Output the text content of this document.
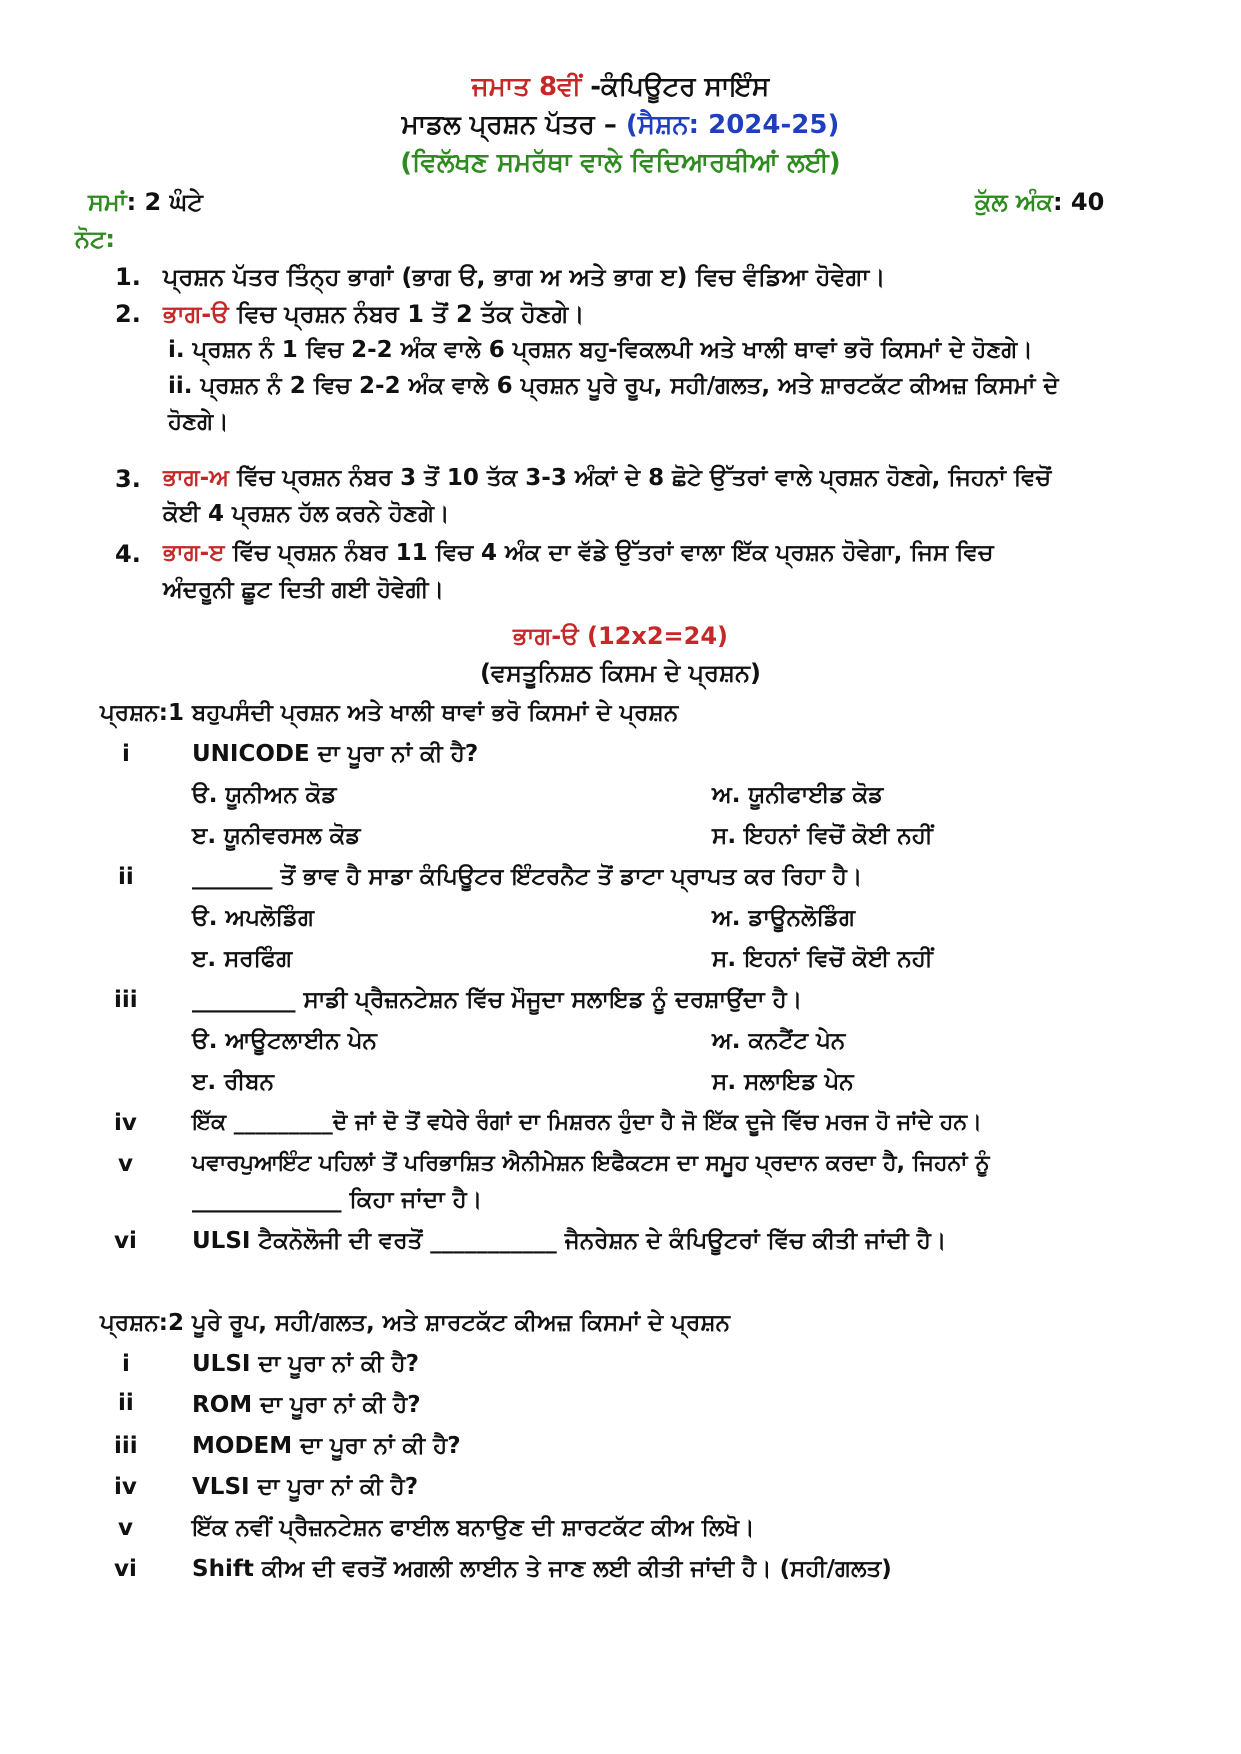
ਜਮਾਤ 8ਵੀਂ -ਕੰਪਿਊਟਰ ਸਾਇੰਸ
ਮਾਡਲ ਪ੍ਰਸ਼ਨ ਪੱਤਰ – (ਸੈਸ਼ਨ: 2024-25)
(ਵਿਲੱਖਣ ਸਮਰੱਥਾ ਵਾਲੇ ਵਿਦਿਆਰਥੀਆਂ ਲਈ)
ਸਮਾਂ: 2 ਘੰਟੇ	ਕੁੱਲ ਅੰਕ: 40
ਨੋਟ:
1. ਪ੍ਰਸ਼ਨ ਪੱਤਰ ਤਿੰਨ੍ਹ ਭਾਗਾਂ (ਭਾਗ ੳ, ਭਾਗ ਅ ਅਤੇ ਭਾਗ ੲ) ਵਿਚ ਵੰਡਿਆ ਹੋਵੇਗਾ।
2. ਭਾਗ-ੳ ਵਿਚ ਪ੍ਰਸ਼ਨ ਨੰਬਰ 1 ਤੋਂ 2 ਤੱਕ ਹੋਣਗੇ।
i. ਪ੍ਰਸ਼ਨ ਨੰ 1 ਵਿਚ 2-2 ਅੰਕ ਵਾਲੇ 6 ਪ੍ਰਸ਼ਨ ਬਹੁ-ਵਿਕਲਪੀ ਅਤੇ ਖਾਲੀ ਥਾਵਾਂ ਭਰੋ ਕਿਸਮਾਂ ਦੇ ਹੋਣਗੇ।
ii. ਪ੍ਰਸ਼ਨ ਨੰ 2 ਵਿਚ 2-2 ਅੰਕ ਵਾਲੇ 6 ਪ੍ਰਸ਼ਨ ਪੂਰੇ ਰੂਪ, ਸਹੀ/ਗਲਤ, ਅਤੇ ਸ਼ਾਰਟਕੱਟ ਕੀਅਜ਼ ਕਿਸਮਾਂ ਦੇ
ਹੋਣਗੇ।
3. ਭਾਗ-ਅ ਵਿੱਚ ਪ੍ਰਸ਼ਨ ਨੰਬਰ 3 ਤੋਂ 10 ਤੱਕ 3-3 ਅੰਕਾਂ ਦੇ 8 ਛੋਟੇ ਉੱਤਰਾਂ ਵਾਲੇ ਪ੍ਰਸ਼ਨ ਹੋਣਗੇ, ਜਿਹਨਾਂ ਵਿਚੋਂ
ਕੋਈ 4 ਪ੍ਰਸ਼ਨ ਹੱਲ ਕਰਨੇ ਹੋਣਗੇ।
4. ਭਾਗ-ੲ ਵਿੱਚ ਪ੍ਰਸ਼ਨ ਨੰਬਰ 11 ਵਿਚ 4 ਅੰਕ ਦਾ ਵੱਡੇ ਉੱਤਰਾਂ ਵਾਲਾ ਇੱਕ ਪ੍ਰਸ਼ਨ ਹੋਵੇਗਾ, ਜਿਸ ਵਿਚ
ਅੰਦਰੂਨੀ ਛੂਟ ਦਿਤੀ ਗਈ ਹੋਵੇਗੀ।
ਭਾਗ-ੳ (12x2=24)
(ਵਸਤੂਨਿਸ਼ਠ ਕਿਸਮ ਦੇ ਪ੍ਰਸ਼ਨ)
ਪ੍ਰਸ਼ਨ:1 ਬਹੁਪਸੰਦੀ ਪ੍ਰਸ਼ਨ ਅਤੇ ਖਾਲੀ ਥਾਵਾਂ ਭਰੋ ਕਿਸਮਾਂ ਦੇ ਪ੍ਰਸ਼ਨ
i	UNICODE ਦਾ ਪੂਰਾ ਨਾਂ ਕੀ ਹੈ?
ੳ. ਯੂਨੀਅਨ ਕੋਡ	ਅ. ਯੂਨੀਫਾਈਡ ਕੋਡ
ੲ. ਯੂਨੀਵਰਸਲ ਕੋਡ	ਸ. ਇਹਨਾਂ ਵਿਚੋਂ ਕੋਈ ਨਹੀਂ
ii	_______ ਤੋਂ ਭਾਵ ਹੈ ਸਾਡਾ ਕੰਪਿਊਟਰ ਇੰਟਰਨੈਟ ਤੋਂ ਡਾਟਾ ਪ੍ਰਾਪਤ ਕਰ ਰਿਹਾ ਹੈ।
ੳ. ਅਪਲੋਡਿੰਗ	ਅ. ਡਾਊਨਲੋਡਿੰਗ
ੲ. ਸਰਫਿੰਗ	ਸ. ਇਹਨਾਂ ਵਿਚੋਂ ਕੋਈ ਨਹੀਂ
iii _________ ਸਾਡੀ ਪ੍ਰੈਜ਼ਨਟੇਸ਼ਨ ਵਿੱਚ ਮੌਜੂਦਾ ਸਲਾਇਡ ਨੂੰ ਦਰਸ਼ਾਉਂਦਾ ਹੈ।
ੳ. ਆਊਟਲਾਈਨ ਪੇਨ	ਅ. ਕਨਟੈਂਟ ਪੇਨ
ੲ. ਰੀਬਨ	ਸ. ਸਲਾਇਡ ਪੇਨ
iv	ਇੱਕ _________ਦੋ ਜਾਂ ਦੋ ਤੋਂ ਵਧੇਰੇ ਰੰਗਾਂ ਦਾ ਮਿਸ਼ਰਨ ਹੁੰਦਾ ਹੈ ਜੋ ਇੱਕ ਦੂਜੇ ਵਿੱਚ ਮਰਜ ਹੋ ਜਾਂਦੇ ਹਨ।
v	ਪਵਾਰਪੁਆਇੰਟ ਪਹਿਲਾਂ ਤੋਂ ਪਰਿਭਾਸ਼ਿਤ ਐਨੀਮੇਸ਼ਨ ਇਫੈਕਟਸ ਦਾ ਸਮੂਹ ਪ੍ਰਦਾਨ ਕਰਦਾ ਹੈ, ਜਿਹਨਾਂ ਨੂੰ
_____________ ਕਿਹਾ ਜਾਂਦਾ ਹੈ।
vi ULSI ਟੈਕਨੋਲੋਜੀ ਦੀ ਵਰਤੋਂ ___________ ਜੈਨਰੇਸ਼ਨ ਦੇ ਕੰਪਿਊਟਰਾਂ ਵਿੱਚ ਕੀਤੀ ਜਾਂਦੀ ਹੈ।
ਪ੍ਰਸ਼ਨ:2 ਪੂਰੇ ਰੂਪ, ਸਹੀ/ਗਲਤ, ਅਤੇ ਸ਼ਾਰਟਕੱਟ ਕੀਅਜ਼ ਕਿਸਮਾਂ ਦੇ ਪ੍ਰਸ਼ਨ
i	ULSI ਦਾ ਪੂਰਾ ਨਾਂ ਕੀ ਹੈ?
ii	ROM ਦਾ ਪੂਰਾ ਨਾਂ ਕੀ ਹੈ?
iii MODEM ਦਾ ਪੂਰਾ ਨਾਂ ਕੀ ਹੈ?
iv VLSI ਦਾ ਪੂਰਾ ਨਾਂ ਕੀ ਹੈ?
v	ਇੱਕ ਨਵੀਂ ਪ੍ਰੈਜ਼ਨਟੇਸ਼ਨ ਫਾਈਲ ਬਨਾਉਣ ਦੀ ਸ਼ਾਰਟਕੱਟ ਕੀਅ ਲਿਖੋ।
vi Shift ਕੀਅ ਦੀ ਵਰਤੋਂ ਅਗਲੀ ਲਾਈਨ ਤੇ ਜਾਣ ਲਈ ਕੀਤੀ ਜਾਂਦੀ ਹੈ। (ਸਹੀ/ਗਲਤ)
